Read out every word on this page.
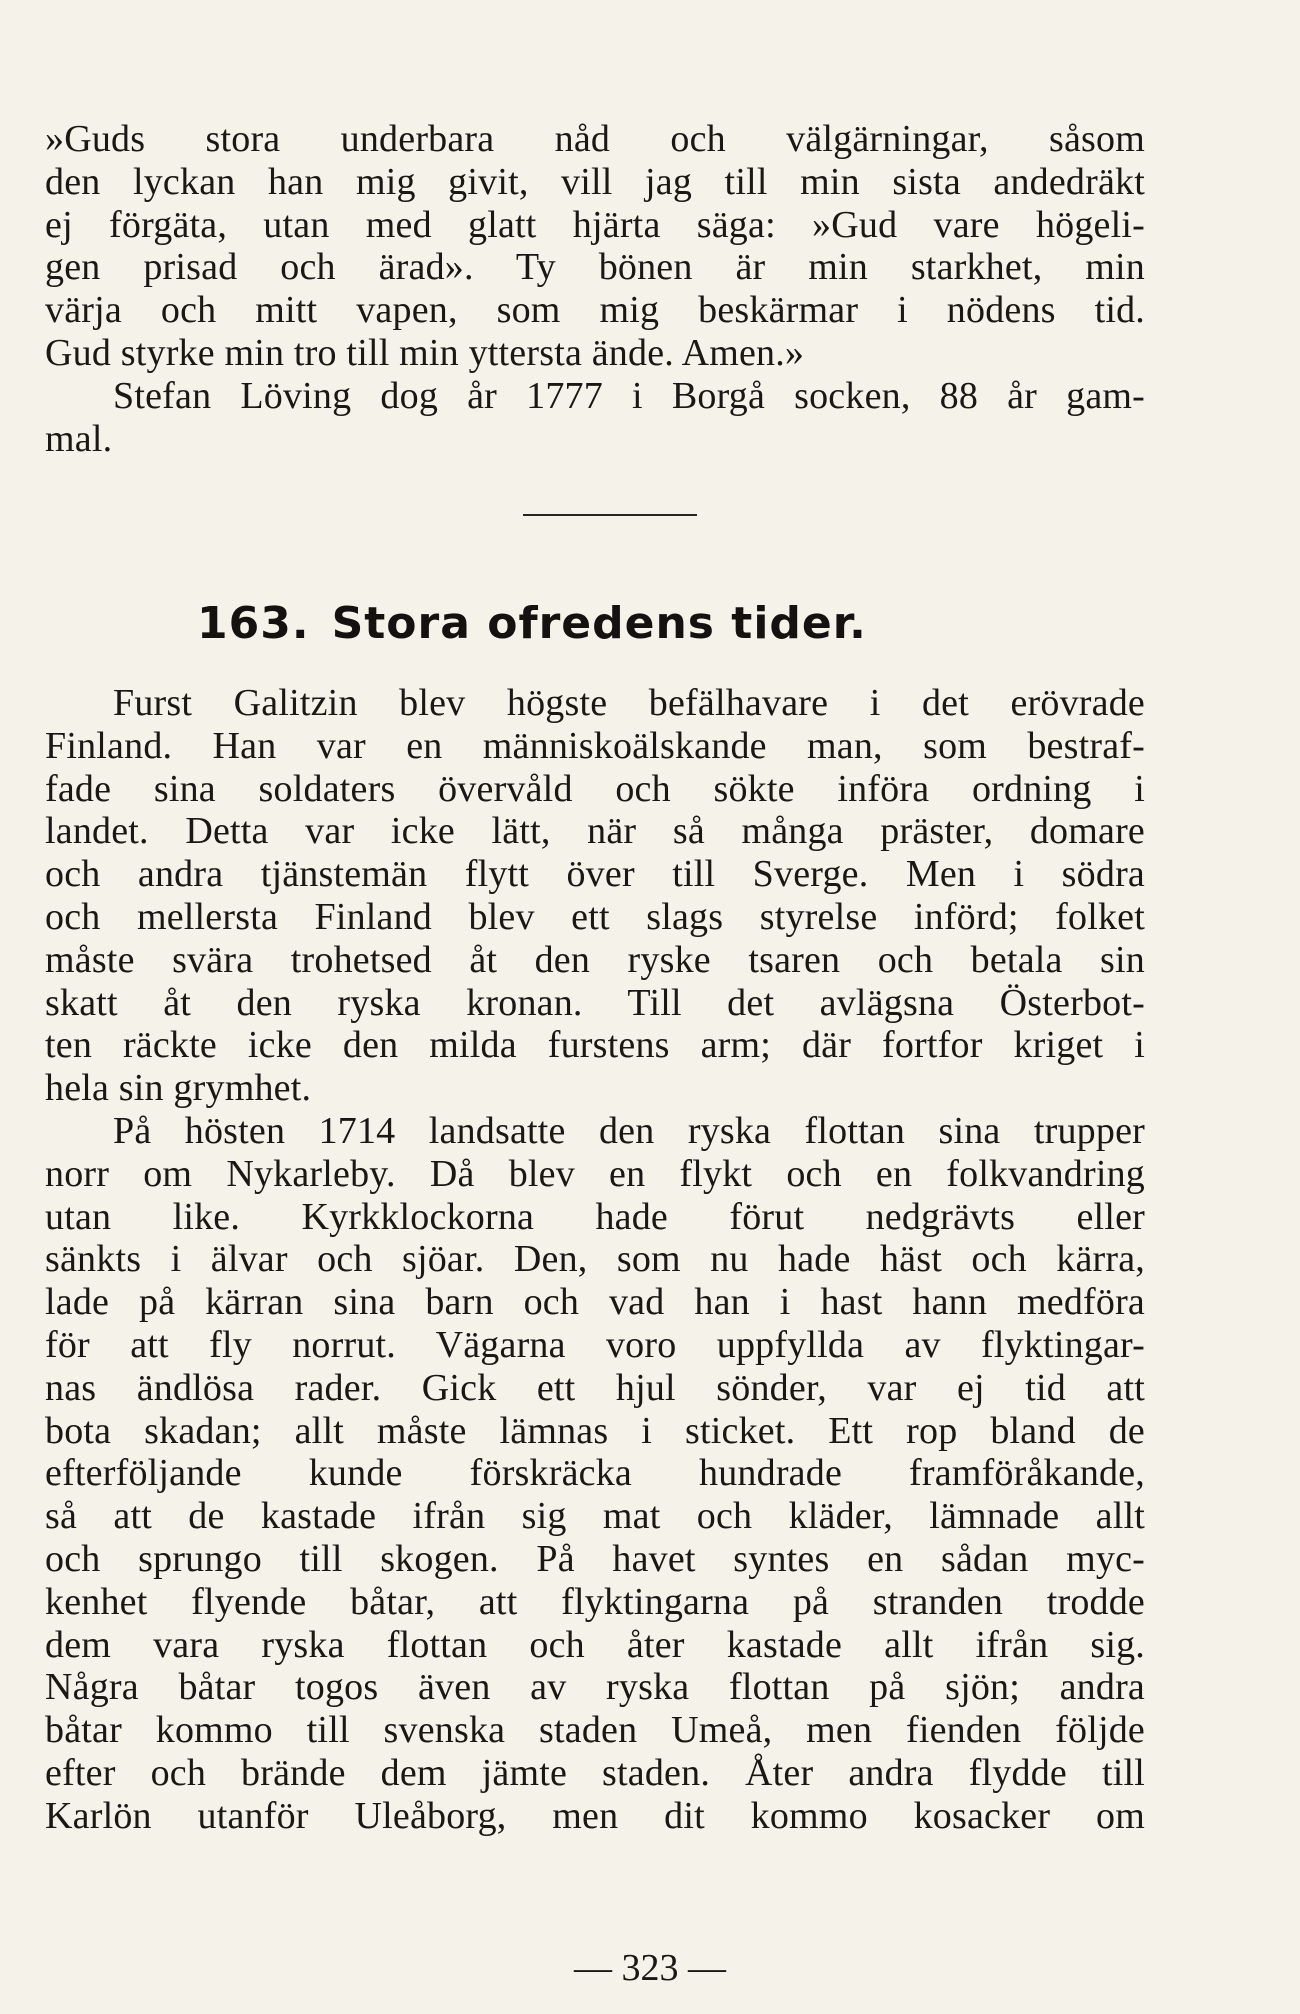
»Guds stora underbara nåd och välgärningar, såsom
den lyckan han mig givit, vill jag till min sista andedräkt
ej förgäta, utan med glatt hjärta säga: »Gud vare högeli-
gen prisad och ärad». Ty bönen är min starkhet, min
värja och mitt vapen, som mig beskärmar i nödens tid.
Gud styrke min tro till min yttersta ände. Amen.»
Stefan Löving dog år 1777 i Borgå socken, 88 år gam-
mal.
163. Stora ofredens tider.
Furst Galitzin blev högste befälhavare i det erövrade
Finland. Han var en människoälskande man, som bestraf-
fade sina soldaters övervåld och sökte införa ordning i
landet. Detta var icke lätt, när så många präster, domare
och andra tjänstemän flytt över till Sverge. Men i södra
och mellersta Finland blev ett slags styrelse införd; folket
måste svära trohetsed åt den ryske tsaren och betala sin
skatt åt den ryska kronan. Till det avlägsna Österbot-
ten räckte icke den milda furstens arm; där fortfor kriget i
hela sin grymhet.
På hösten 1714 landsatte den ryska flottan sina trupper
norr om Nykarleby. Då blev en flykt och en folkvandring
utan like. Kyrkklockorna hade förut nedgrävts eller
sänkts i älvar och sjöar. Den, som nu hade häst och kärra,
lade på kärran sina barn och vad han i hast hann medföra
för att fly norrut. Vägarna voro uppfyllda av flyktingar-
nas ändlösa rader. Gick ett hjul sönder, var ej tid att
bota skadan; allt måste lämnas i sticket. Ett rop bland de
efterföljande kunde förskräcka hundrade framföråkande,
så att de kastade ifrån sig mat och kläder, lämnade allt
och sprungo till skogen. På havet syntes en sådan myc-
kenhet flyende båtar, att flyktingarna på stranden trodde
dem vara ryska flottan och åter kastade allt ifrån sig.
Några båtar togos även av ryska flottan på sjön; andra
båtar kommo till svenska staden Umeå, men fienden följde
efter och brände dem jämte staden. Åter andra flydde till
Karlön utanför Uleåborg, men dit kommo kosacker om
— 323 —
